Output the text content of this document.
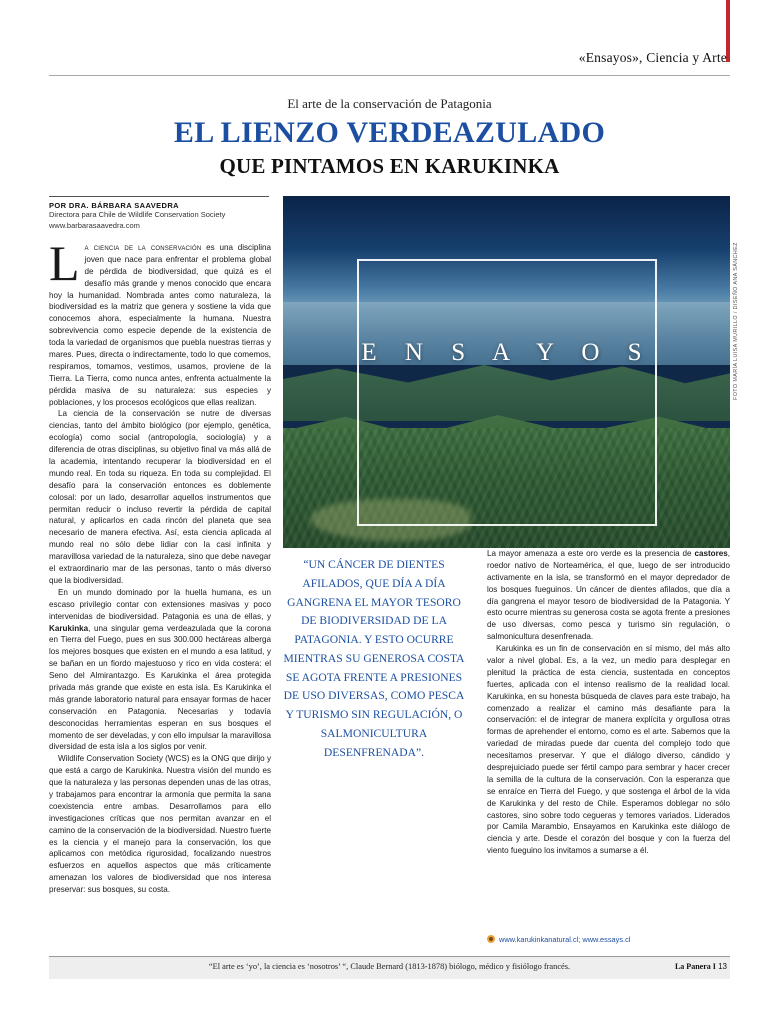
«Ensayos», Ciencia y Arte
El arte de la conservación de Patagonia
EL LIENZO VERDEAZULADO
QUE PINTAMOS EN KARUKINKA
POR DRA. BÁRBARA SAAVEDRA
Directora para Chile de Wildlife Conservation Society
www.barbarasaavedra.com
E N S A Y O S	FOTO MARÍA LUISA MURILLO / DISEÑO ANA SÁNCHEZ

La ciencia de la conservación es una disciplina joven que nace para enfrentar el problema global de pérdida de biodiversidad, que quizá es el desafío más grande y menos conocido que encara hoy la humanidad. Nombrada antes como naturaleza, la biodiversidad es la matriz que genera y sostiene la vida que conocemos ahora, especialmente la humana. Nuestra sobrevivencia como especie depende de la existencia de toda la variedad de organismos que puebla nuestras tierras y mares. Pues, directa o indirectamente, todo lo que comemos, respiramos, tomamos, vestimos, usamos, proviene de la Tierra. La Tierra, como nunca antes, enfrenta actualmente la pérdida masiva de su naturaleza: sus especies y poblaciones, y los procesos ecológicos que ellas realizan.

La ciencia de la conservación se nutre de diversas ciencias, tanto del ámbito biológico (por ejemplo, genética, ecología) como social (antropología, sociología) y a diferencia de otras disciplinas, su objetivo final va más allá de la academia, intentando recuperar la biodiversidad en el mundo real. En toda su riqueza. En toda su complejidad. El desafío para la conservación entonces es doblemente colosal: por un lado, desarrollar aquellos instrumentos que permitan reducir o incluso revertir la pérdida de capital natural, y aplicarlos en cada rincón del planeta que sea necesario de manera efectiva. Así, esta ciencia aplicada al mundo real no sólo debe lidiar con la casi infinita y maravillosa variedad de la naturaleza, sino que debe navegar el extraordinario mar de las personas, tanto o más diverso que la biodiversidad.

En un mundo dominado por la huella humana, es un escaso privilegio contar con extensiones masivas y poco intervenidas de biodiversidad. Patagonia es una de ellas, y Karukinka, una singular gema verdeazulada que la corona en Tierra del Fuego, pues en sus 300.000 hectáreas alberga los mejores bosques que existen en el mundo a esa latitud, y se bañan en un fiordo majestuoso y rico en vida costera: el Seno del Almirantazgo. Es Karukinka el área protegida privada más grande que existe en esta isla. Es Karukinka el más grande laboratorio natural para ensayar formas de hacer conservación en Patagonia. Necesarias y todavía desconocidas herramientas esperan en sus bosques el momento de ser develadas, y con ello impulsar la maravillosa diversidad de esta isla a los siglos por venir.

Wildlife Conservation Society (WCS) es la ONG que dirijo y que está a cargo de Karukinka. Nuestra visión del mundo es que la naturaleza y las personas dependen unas de las otras, y trabajamos para encontrar la armonía que permita la sana coexistencia entre ambas. Desarrollamos para ello investigaciones críticas que nos permitan avanzar en el camino de la conservación de la biodiversidad. Nuestro fuerte es la ciencia y el manejo para la conservación, los que aplicamos con metódica rigurosidad, focalizando nuestros esfuerzos en aquellos aspectos que más críticamente amenazan los valores de biodiversidad que nos interesa preservar: sus bosques, su costa.

“UN CÁNCER DE DIENTES AFILADOS, QUE DÍA A DÍA GANGRENA EL MAYOR TESORO DE BIODIVERSIDAD DE LA PATAGONIA. Y ESTO OCURRE MIENTRAS SU GENEROSA COSTA SE AGOTA FRENTE A PRESIONES DE USO DIVERSAS, COMO PESCA Y TURISMO SIN REGULACIÓN, O SALMONICULTURA DESENFRENADA”.

La mayor amenaza a este oro verde es la presencia de castores, roedor nativo de Norteamérica, el que, luego de ser introducido activamente en la isla, se transformó en el mayor depredador de los bosques fueguinos. Un cáncer de dientes afilados, que día a día gangrena el mayor tesoro de biodiversidad de la Patagonia. Y esto ocurre mientras su generosa costa se agota frente a presiones de uso diversas, como pesca y turismo sin regulación, o salmonicultura desenfrenada.

Karukinka es un fin de conservación en sí mismo, del más alto valor a nivel global. Es, a la vez, un medio para desplegar en plenitud la práctica de esta ciencia, sustentada en conceptos fuertes, aplicada con el intenso realismo de la realidad local. Karukinka, en su honesta búsqueda de claves para este trabajo, ha comenzado a realizar el camino más desafiante para la conservación: el de integrar de manera explícita y orgullosa otras formas de aprehender el entorno, como es el arte. Sabemos que la variedad de miradas puede dar cuenta del complejo todo que necesitamos preservar. Y que el diálogo diverso, cándido y desprejuiciado puede ser fértil campo para sembrar y hacer crecer la semilla de la cultura de la conservación. Con la esperanza que se enraíce en Tierra del Fuego, y que sostenga el árbol de la vida de Karukinka y del resto de Chile. Esperamos doblegar no sólo castores, sino sobre todo cegueras y temores variados. Liderados por Camila Marambio, Ensayamos en Karukinka este diálogo de ciencia y arte. Desde el corazón del bosque y con la fuerza del viento fueguino los invitamos a sumarse a él.

www.karukinkanatural.cl; www.essays.cl
“El arte es ‘yo’, la ciencia es ‘nosotros’ “, Claude Bernard (1813-1878) biólogo, médico y fisiólogo francés.	La Panera I 13
